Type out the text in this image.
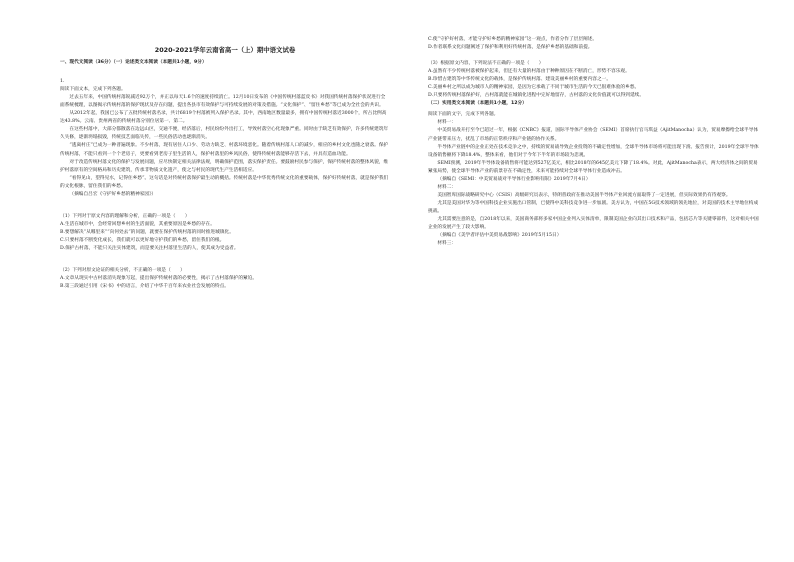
2020-2021学年云南省高一（上）期中语文试卷
一、现代文阅读（36分）（一）论述类文本阅读（本题共1小题，9分）

1.

阅读下面文本，完成下列各题。

过去五年来，中国传统村落锐减近92万个，并正以每天1.6个的速度持续消亡。12月10日发布的《中国传统村落蓝皮书》对我国传统村落保护状况进行全面系统梳理，以图揭示传统村落的保护现状及存在问题，提出各县市有效保护与可持续发展的对策及措施。“文化保护”、“留住乡愁”等已成为全社会的共识。

从2012年起，我国已公布了五批传统村落名录，共计6819个村落被列入保护名录。其中，西南地区数量最多，拥有中国传统村落近3000个，所占比例高达43.8%。云南、贵州两省的传统村落分别位居第一、第二。

在这些村落中，大部分都散落在边远山区，交通不便，经济落后，村民纷纷外出打工，导致村落空心化现象严重。同时由于缺乏有效保护，许多传统建筑年久失修，逐渐坍塌损毁，传统技艺面临失传，一些民俗活动也逐渐消失。

“逃离村庄”已成为一种普遍现象。不少村落，现有居住人口少、劳动力缺乏、村落环境恶化。随着传统村落人口的减少，相应的乡村文化也随之衰落。保护传统村落，不能只看到一个个老房子，更要看到老房子里生活的人，保护村落里的乡风民俗，使得传统村落能够存活下去，并具有造血功能。

对于改造传统村落文化的保护与发展问题，应尽快制定相关法律法规，明确保护范围，落实保护责任。要鼓励村民参与保护，保护传统村落的整体风貌，维护村落原有的空间格局和历史建筑，传承非物质文化遗产，使之与村民的现代生产生活相适应。

“看得见山，望得见水，记得住乡愁”。这句话是对传统村落保护最生动的概括。传统村落是中华优秀传统文化的重要载体，保护好传统村落，就是保护我们的文化根脉，留住我们的乡愁。

（摘编自吕宏《守护好乡愁的精神家园》）

（1）下列对于原文内容的理解和分析，正确的一项是（　　）

A.生活在城市中，会经常回想乡村的生活面貌，其重要原因是乡愁的存在。

B.要想解决“从哪里来”“向何处去”的问题，就要在保护传统村落的同时推进城镇化。

C.只要村落不断变化成长，我们就可以更好地守护我们的乡愁，留住我们的根。

D.保护古村落，不能只关注实体建筑，而是要关注村落里生活的人，使其成为受益者。

（2）下列对原文论证的相关分析，不正确的一项是（　　）

A.文章从现实中古村落消失现象写起，提出保护传统村落的必要性，揭示了古村落保护的紧迫。

B.第三段通过引用《宋书》中的语言，介绍了中华千百年来农业社会发展的特点。

C.使“守护好村落，才能守护好乡愁的精神家园”这一观点，作者分作了层层阐述。

D.作者联系文化问题阐述了保护和利用好传统村落，是保护乡愁的基础和前提。

（3）根据原文内容，下列说法不正确的一项是（　　）

A.虽然有不少传统村落被保护起来，但还有大量的村落由于种种原因在不断消亡，形势不容乐观。

B.珍惜古建筑等中华传统文化的载体，是保护传统村落、建设美丽乡村的重要内容之一。

C.美丽乡村之所以成为城市人的精神家园，是因为它承载了不同于城市生活的今天已很难体验的乡愁。

D.只要将传统村落保护好，古村落就能在城镇化进程中完好地留存，古村落的文化价值就可以得到延续。

（二）实用类文本阅读（本题共1小题，12分）

阅读下面的文字，完成下列各题。

材料一：

中美贸易战开打至今已超过一年，根据《CNBC》报道，国际半导体产业协会（SEMI）首席执行官马琪益（AjitManocha）认为，贸易摩擦给全球半导体产业链带来压力，扰乱了市场的正常秩序和产业链的协作关系。

半导体产业链中的企业正处在技术竞争之中，持续的贸易战导致企业投资的不确定性增加，全球半导体市场将可能出现下滑。报告预计，2019年全球半导体设备销售额将下降18.4%，整体来看，他们对于今年下半年的市场较为悲观。

SEMI预测，2019年半导体设备销售将可能达到527亿美元，相比2018年的645亿美元下降了18.4%。对此，AjitManocha表示，两大经济体之间的贸易紧张局势，使全球半导体产业的前景存在不确定性，未来可能持续对全球半导体行业造成冲击。

（摘编自《SEMI：中美贸易战对半导体行业影响有限》2019年7月4日）

材料二：

美国智库国际战略研究中心（CSIS）高级研究员表示，特朗普政府在推动美国半导体产业回流方面取得了一定进展，但实际效果仍有待观察。

尤其是美国对华为等中国科技企业实施出口管制，已使得中美科技竞争进一步加剧。美方认为，中国在5G技术领域的领先地位，对美国的技术主导地位构成挑战。

尤其需要注意的是，自2018年以来，美国商务部将多家中国企业列入实体清单，限制美国企业向其出口技术和产品，包括芯片等关键零部件，这对相关中国企业的发展产生了较大影响。

（摘编自《美学者评估中美贸易战影响》2019年5月15日）

材料三：
